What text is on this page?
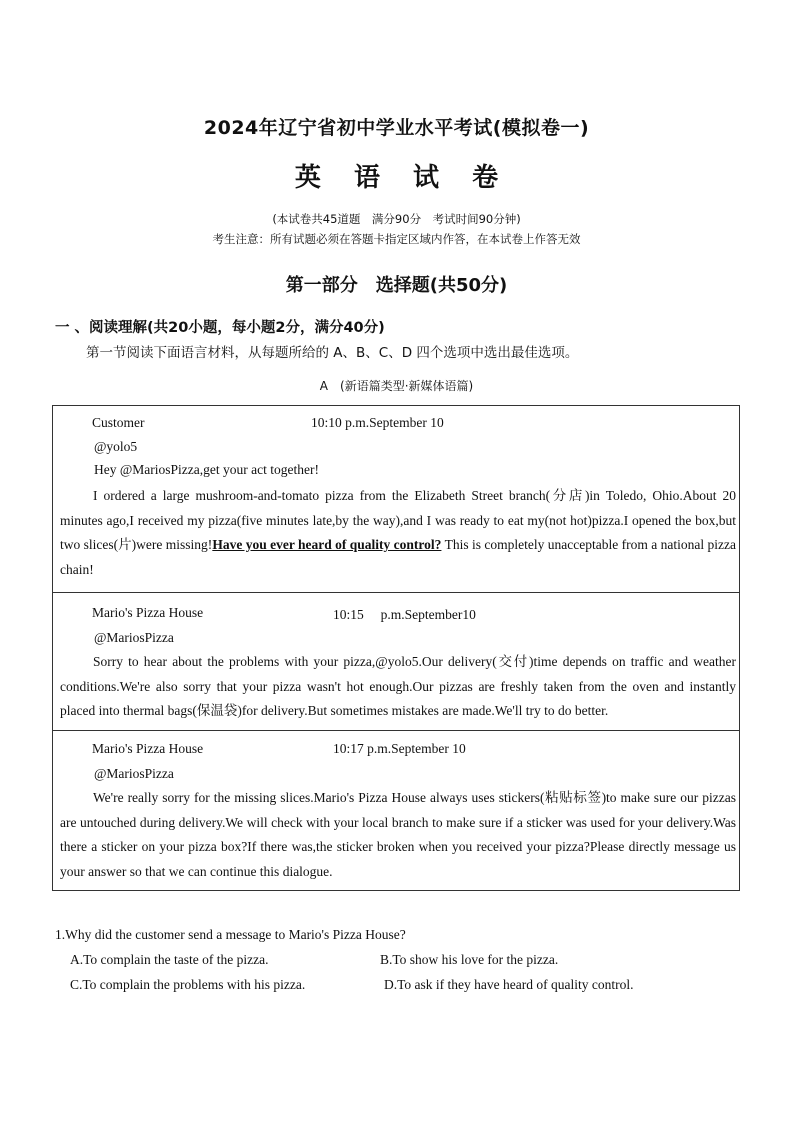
2024年辽宁省初中学业水平考试(模拟卷一)
英 语 试 卷
(本试卷共45道题　满分90分　考试时间90分钟)
考生注意：所有试题必须在答题卡指定区域内作答，在本试卷上作答无效
第一部分　选择题(共50分)
一 、阅读理解(共20小题，每小题2分，满分40分)
第一节阅读下面语言材料，从每题所给的 A、B、C、D 四个选项中选出最佳选项。
A　(新语篇类型·新媒体语篇)
Customer	10:10 p.m.September 10
@yolo5
Hey @MariosPizza,get your act together!
I ordered a large mushroom-and-tomato pizza from the Elizabeth Street branch(分店)in Toledo, Ohio.About 20 minutes ago,I received my pizza(five minutes late,by the way),and I was ready to eat my(not hot)pizza.I opened the box,but two slices(片)were missing!Have you ever heard of quality control? This is completely unacceptable from a national pizza chain!
Mario's Pizza House	10:15　 p.m.September10
@MariosPizza
Sorry to hear about the problems with your pizza,@yolo5.Our delivery(交付)time depends on traffic and weather conditions.We're also sorry that your pizza wasn't hot enough.Our pizzas are freshly taken from the oven and instantly placed into thermal bags(保温袋)for delivery.But sometimes mistakes are made.We'll try to do better.
Mario's Pizza House	10:17 p.m.September 10
@MariosPizza
We're really sorry for the missing slices.Mario's Pizza House always uses stickers(粘贴标签)to make sure our pizzas are untouched during delivery.We will check with your local branch to make sure if a sticker was used for your delivery.Was there a sticker on your pizza box?If there was,the sticker broken when you received your pizza?Please directly message us your answer so that we can continue this dialogue.
1.Why did the customer send a message to Mario's Pizza House?
A.To complain the taste of the pizza.	B.To show his love for the pizza.
C.To complain the problems with his pizza.	D.To ask if they have heard of quality control.
